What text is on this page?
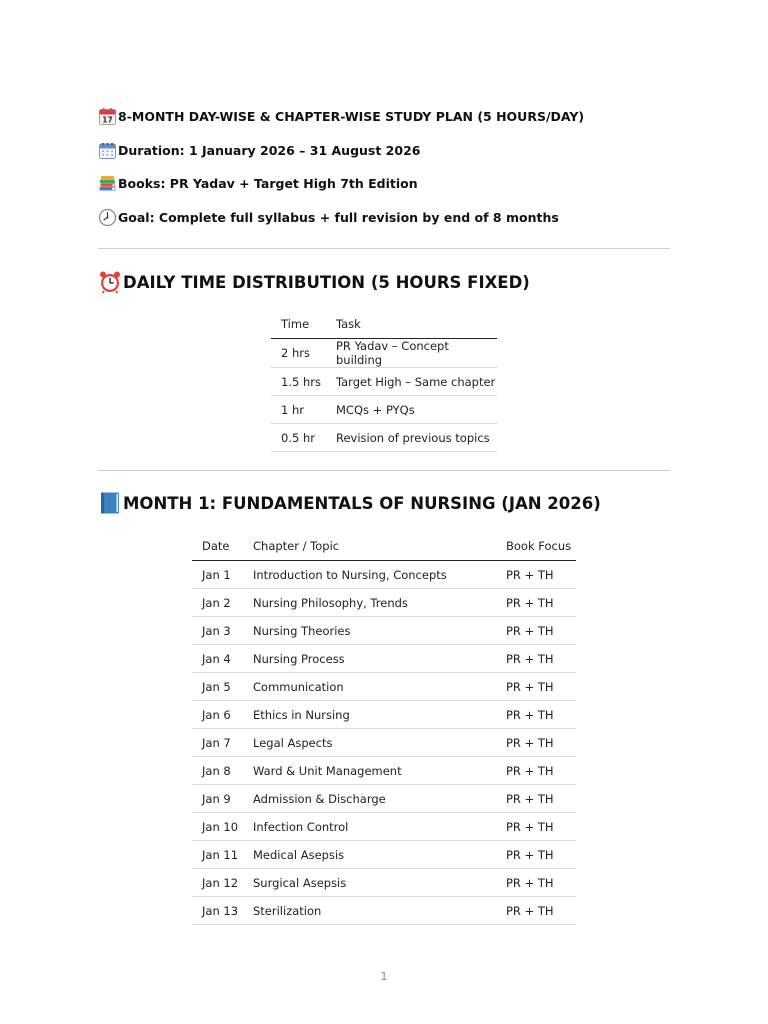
17 8-MONTH DAY-WISE & CHAPTER-WISE STUDY PLAN (5 HOURS/DAY)
Duration: 1 January 2026 – 31 August 2026
Books: PR Yadav + Target High 7th Edition
Goal: Complete full syllabus + full revision by end of 8 months
DAILY TIME DISTRIBUTION (5 HOURS FIXED)
Time	Task
2 hrs	PR Yadav – Concept building
1.5 hrs	Target High – Same chapter
1 hr	MCQs + PYQs
0.5 hr	Revision of previous topics
MONTH 1: FUNDAMENTALS OF NURSING (JAN 2026)
Date	Chapter / Topic	Book Focus
Jan 1	Introduction to Nursing, Concepts	PR + TH
Jan 2	Nursing Philosophy, Trends	PR + TH
Jan 3	Nursing Theories	PR + TH
Jan 4	Nursing Process	PR + TH
Jan 5	Communication	PR + TH
Jan 6	Ethics in Nursing	PR + TH
Jan 7	Legal Aspects	PR + TH
Jan 8	Ward & Unit Management	PR + TH
Jan 9	Admission & Discharge	PR + TH
Jan 10	Infection Control	PR + TH
Jan 11	Medical Asepsis	PR + TH
Jan 12	Surgical Asepsis	PR + TH
Jan 13	Sterilization	PR + TH
1
